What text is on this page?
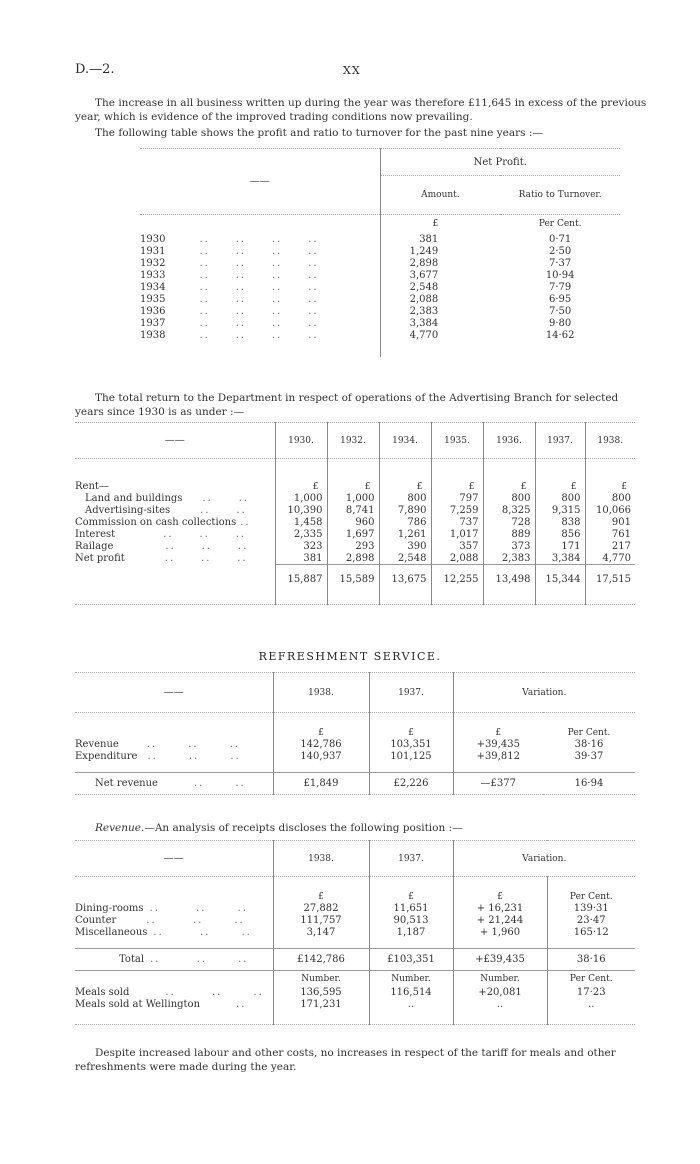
D.—2.	XX
The increase in all business written up during the year was therefore £11,645 in excess of the previous year, which is evidence of the improved trading conditions now prevailing.
The following table shows the profit and ratio to turnover for the past nine years :—
——	Net Profit.	
	Amount.	Ratio to Turnover.
	£	Per Cent.
1930 ..     ..     ..     ..	381	0·71
1931 ..     ..     ..     ..	1,249	2·50
1932 ..     ..     ..     ..	2,898	7·37
1933 ..     ..     ..     ..	3,677	10·94
1934 ..     ..     ..     ..	2,548	7·79
1935 ..     ..     ..     ..	2,088	6·95
1936 ..     ..     ..     ..	2,383	7·50
1937 ..     ..     ..     ..	3,384	9·80
1938 ..     ..     ..     ..	4,770	14·62

The total return to the Department in respect of operations of the Advertising Branch for selected years since 1930 is as under :—
——	1930.	1932.	1934.	1935.	1936.	1937.	1938.

Rent—	£	£	£	£	£	£	£
Land and buildings ..     ..	1,000	1,000	800	797	800	800	800
Advertising-sites ..     ..	10,390	8,741	7,890	7,259	8,325	9,315	10,066
Commission on cash collections ..	1,458	960	786	737	728	838	901
Interest ..     ..     ..	2,335	1,697	1,261	1,017	889	856	761
Railage ..     ..     ..	323	293	390	357	373	171	217
Net profit ..     ..     ..	381	2,898	2,548	2,088	2,383	3,384	4,770
	15,887	15,589	13,675	12,255	13,498	15,344	17,515

REFRESHMENT SERVICE.
——	1938.	1937.	Variation.	

	£	£	£	Per Cent.
Revenue ..      ..      ..	142,786	103,351	+39,435	38·16
Expenditure ..      ..      ..	140,937	101,125	+39,812	39·37

Net revenue ..      ..	£1,849	£2,226	—£377	16·94
Revenue.—An analysis of receipts discloses the following position :—
——	1938.	1937.	Variation.	

	£	£	£	Per Cent.
Dining-rooms ..       ..      ..	27,882	11,651	+ 16,231	139·31
Counter ..       ..      ..	111,757	90,513	+ 21,244	23·47
Miscellaneous ..       ..      ..	3,147	1,187	+ 1,960	165·12

Total ..       ..      ..	£142,786	£103,351	+£39,435	38·16
	Number.	Number.	Number.	Per Cent.
Meals sold ..       ..      ..	136,595	116,514	+20,081	17·23
Meals sold at Wellington ..	171,231	..	..	..

Despite increased labour and other costs, no increases in respect of the tariff for meals and other refreshments were made during the year.
